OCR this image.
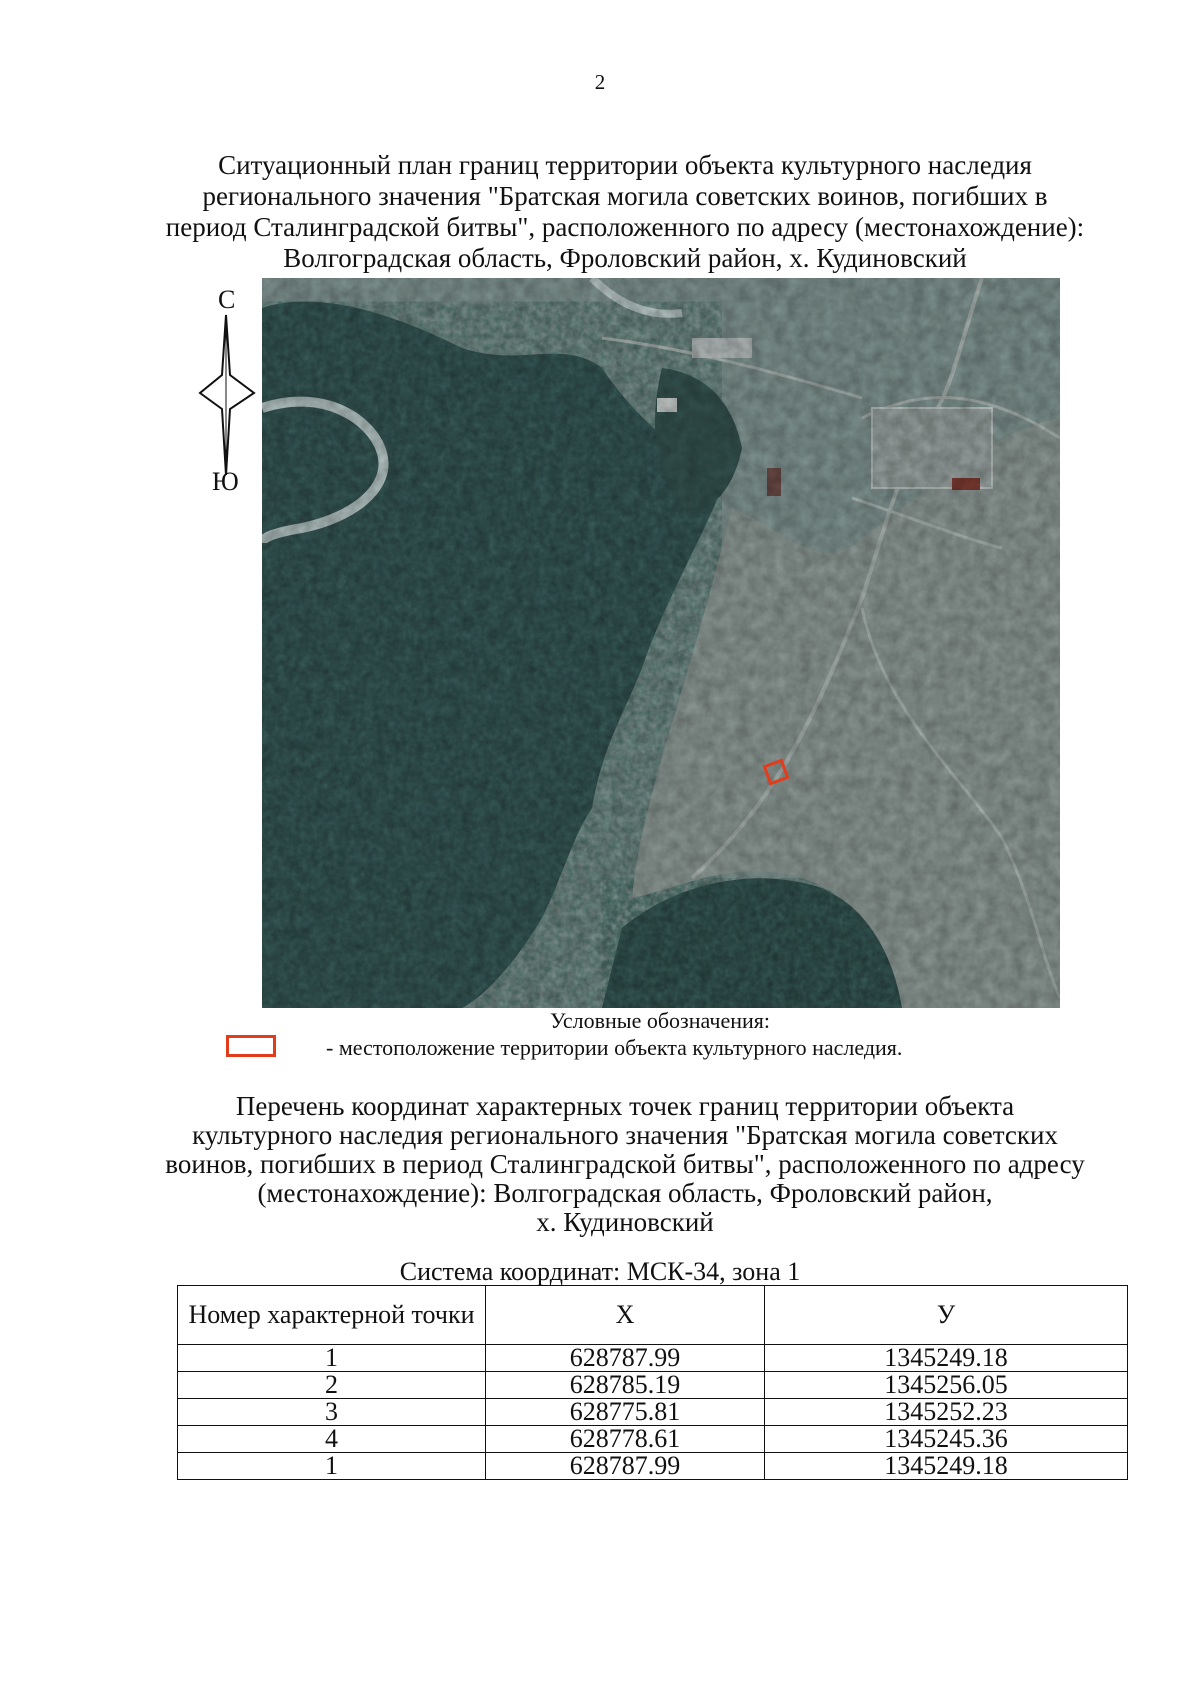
2
Ситуационный план границ территории объекта культурного наследия
регионального значения "Братская могила советских воинов, погибших в
период Сталинградской битвы", расположенного по адресу (местонахождение):
Волгоградская область, Фроловский район, х. Кудиновский
С
Ю
Условные обозначения:
- местоположение территории объекта культурного наследия.
Перечень координат характерных точек границ территории объекта
культурного наследия регионального значения "Братская могила советских
воинов, погибших в период Сталинградской битвы", расположенного по адресу
(местонахождение): Волгоградская область, Фроловский район,
х. Кудиновский
Система координат: МСК-34, зона 1
Номер характерной точки	X	У
1	628787.99	1345249.18
2	628785.19	1345256.05
3	628775.81	1345252.23
4	628778.61	1345245.36
1	628787.99	1345249.18
